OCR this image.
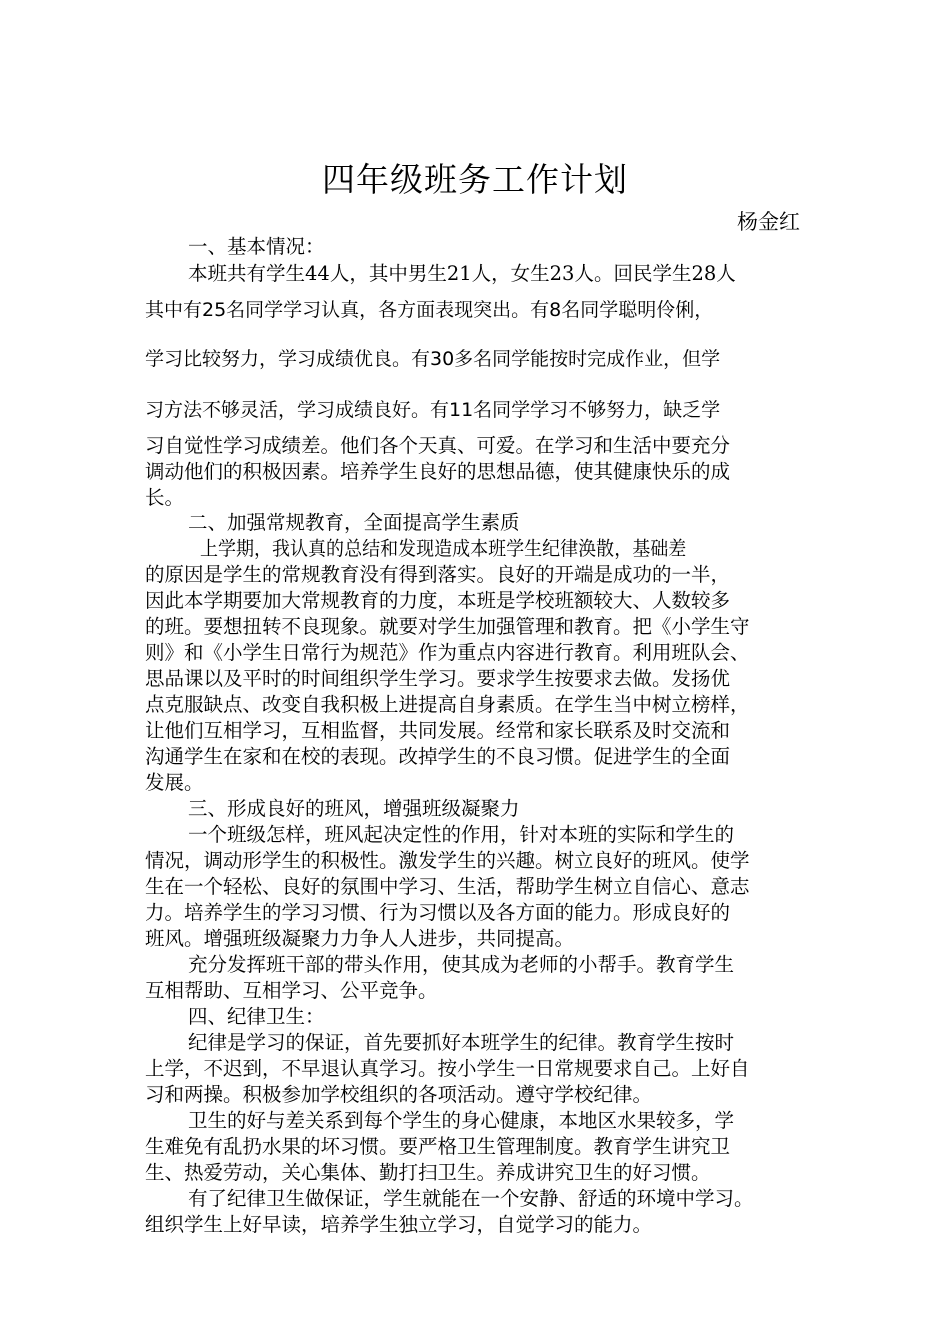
四年级班务工作计划
杨金红
一、基本情况：
本班共有学生44人，其中男生21人，女生23人。回民学生28人
其中有25名同学学习认真，各方面表现突出。有8名同学聪明伶俐，
学习比较努力，学习成绩优良。有30多名同学能按时完成作业，但学
习方法不够灵活，学习成绩良好。有11名同学学习不够努力，缺乏学
习自觉性学习成绩差。他们各个天真、可爱。在学习和生活中要充分
调动他们的积极因素。培养学生良好的思想品德，使其健康快乐的成
长。
二、加强常规教育，全面提高学生素质
上学期，我认真的总结和发现造成本班学生纪律涣散，基础差
的原因是学生的常规教育没有得到落实。良好的开端是成功的一半，
因此本学期要加大常规教育的力度，本班是学校班额较大、人数较多
的班。要想扭转不良现象。就要对学生加强管理和教育。把《小学生守
则》和《小学生日常行为规范》作为重点内容进行教育。利用班队会、
思品课以及平时的时间组织学生学习。要求学生按要求去做。发扬优
点克服缺点、改变自我积极上进提高自身素质。在学生当中树立榜样，
让他们互相学习，互相监督，共同发展。经常和家长联系及时交流和
沟通学生在家和在校的表现。改掉学生的不良习惯。促进学生的全面
发展。
三、形成良好的班风，增强班级凝聚力
一个班级怎样，班风起决定性的作用，针对本班的实际和学生的
情况，调动形学生的积极性。激发学生的兴趣。树立良好的班风。使学
生在一个轻松、良好的氛围中学习、生活，帮助学生树立自信心、意志
力。培养学生的学习习惯、行为习惯以及各方面的能力。形成良好的
班风。增强班级凝聚力力争人人进步，共同提高。
充分发挥班干部的带头作用，使其成为老师的小帮手。教育学生
互相帮助、互相学习、公平竞争。
四、纪律卫生：
纪律是学习的保证，首先要抓好本班学生的纪律。教育学生按时
上学，不迟到，不早退认真学习。按小学生一日常规要求自己。上好自
习和两操。积极参加学校组织的各项活动。遵守学校纪律。
卫生的好与差关系到每个学生的身心健康，本地区水果较多，学
生难免有乱扔水果的坏习惯。要严格卫生管理制度。教育学生讲究卫
生、热爱劳动，关心集体、勤打扫卫生。养成讲究卫生的好习惯。
有了纪律卫生做保证，学生就能在一个安静、舒适的环境中学习。
组织学生上好早读，培养学生独立学习，自觉学习的能力。
